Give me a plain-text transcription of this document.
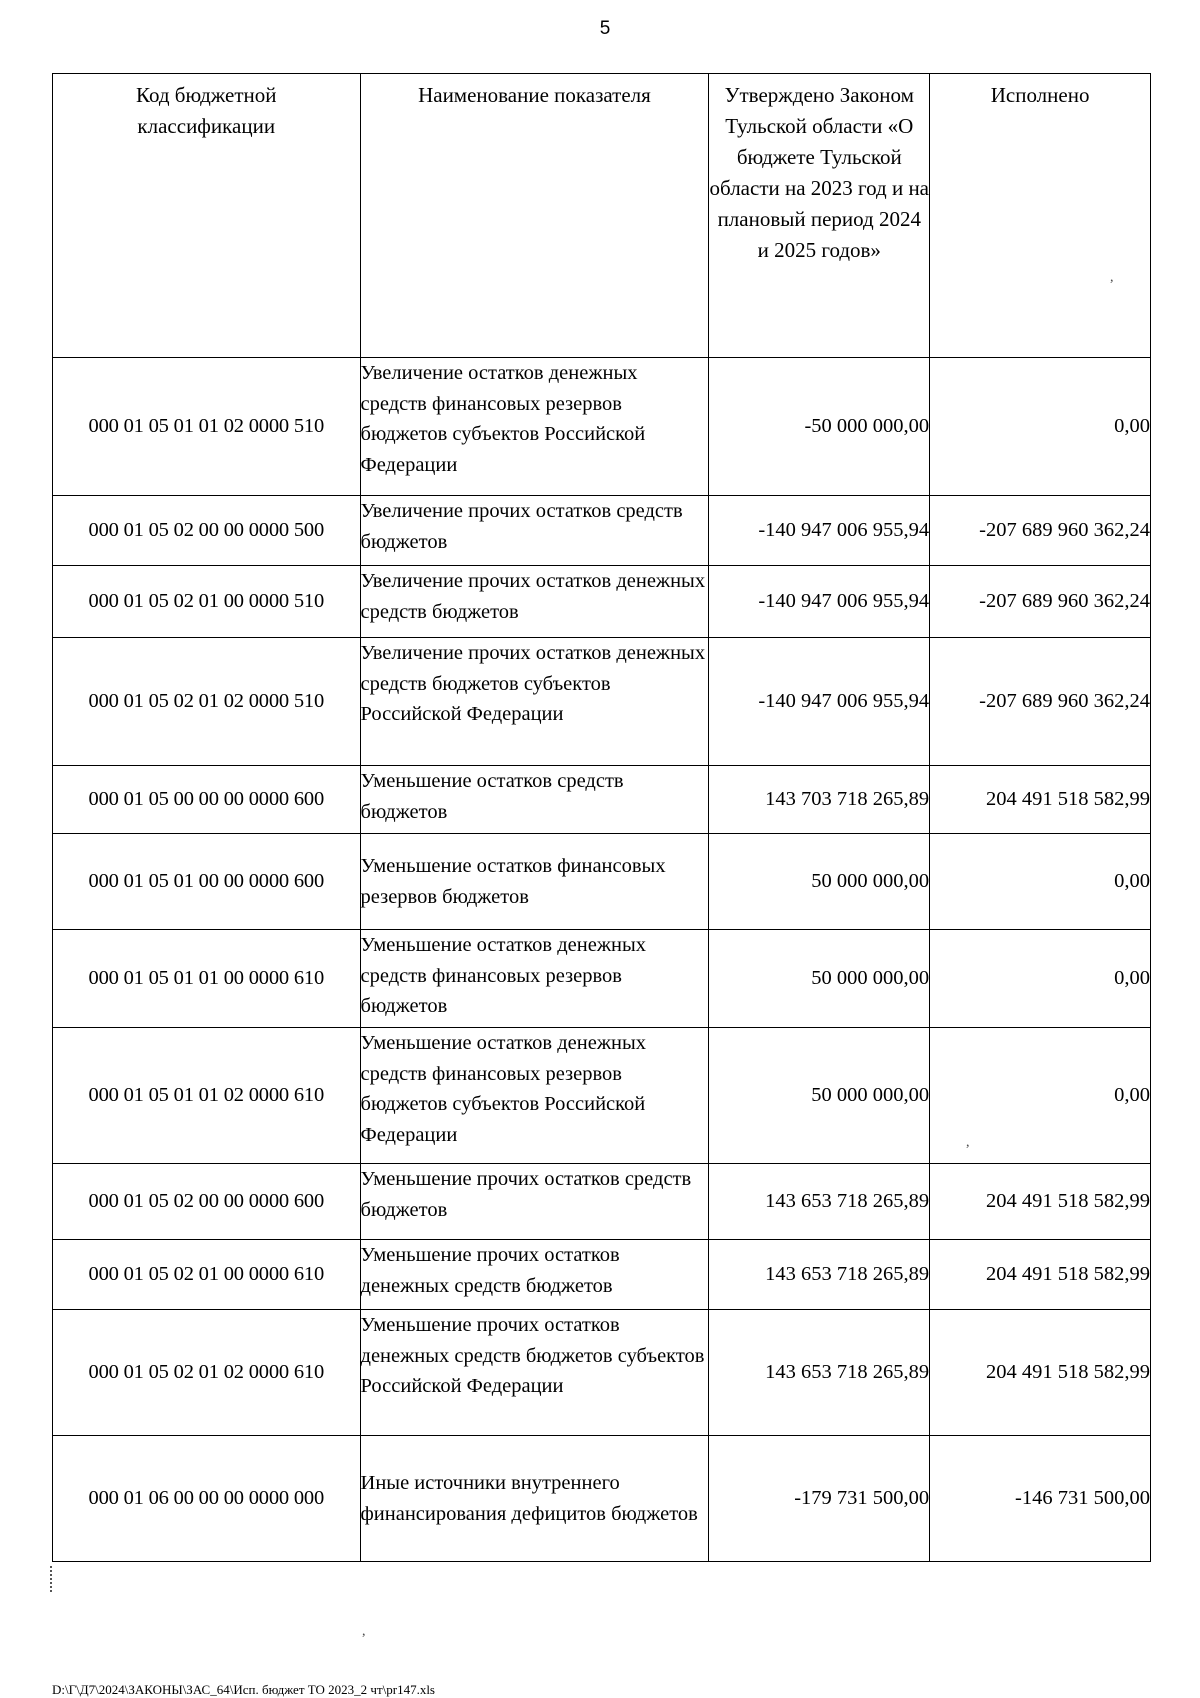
5
Код бюджетной классификации	Наименование показателя	Утверждено Законом Тульской области «О бюджете Тульской области на 2023 год и на плановый период 2024 и 2025 годов»	Исполнено
000 01 05 01 01 02 0000 510	Увеличение остатков денежных средств финансовых резервов бюджетов субъектов Российской Федерации	-50 000 000,00	0,00
000 01 05 02 00 00 0000 500	Увеличение прочих остатков средств бюджетов	-140 947 006 955,94	-207 689 960 362,24
000 01 05 02 01 00 0000 510	Увеличение прочих остатков денежных средств бюджетов	-140 947 006 955,94	-207 689 960 362,24
000 01 05 02 01 02 0000 510	Увеличение прочих остатков денежных средств бюджетов субъектов Российской Федерации	-140 947 006 955,94	-207 689 960 362,24
000 01 05 00 00 00 0000 600	Уменьшение остатков средств бюджетов	143 703 718 265,89	204 491 518 582,99
000 01 05 01 00 00 0000 600	Уменьшение остатков финансовых резервов бюджетов	50 000 000,00	0,00
000 01 05 01 01 00 0000 610	Уменьшение остатков денежных средств финансовых резервов бюджетов	50 000 000,00	0,00
000 01 05 01 01 02 0000 610	Уменьшение остатков денежных средств финансовых резервов бюджетов субъектов Российской Федерации	50 000 000,00	0,00
000 01 05 02 00 00 0000 600	Уменьшение прочих остатков средств бюджетов	143 653 718 265,89	204 491 518 582,99
000 01 05 02 01 00 0000 610	Уменьшение прочих остатков денежных средств бюджетов	143 653 718 265,89	204 491 518 582,99
000 01 05 02 01 02 0000 610	Уменьшение прочих остатков денежных средств бюджетов субъектов Российской Федерации	143 653 718 265,89	204 491 518 582,99
000 01 06 00 00 00 0000 000	Иные источники внутреннего финансирования дефицитов бюджетов	-179 731 500,00	-146 731 500,00
,
,
,
D:\Г\Д7\2024\ЗАКОНЫ\ЗАС_64\Исп. бюджет ТО 2023_2 чт\pr147.xls
